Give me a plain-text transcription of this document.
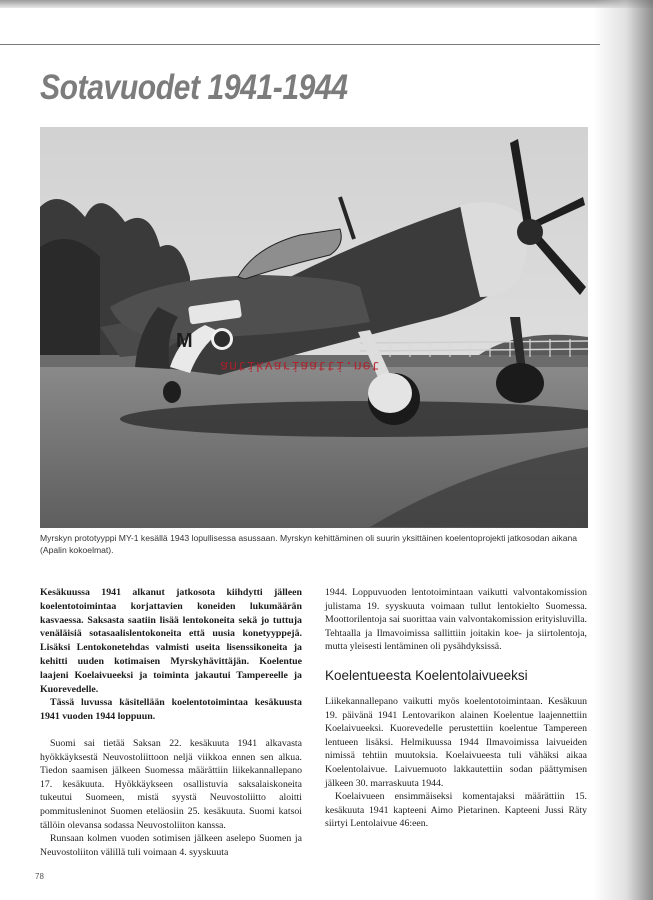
Sotavuodet 1941-1944
M

antikvariaatti.net

Myrskyn prototyyppi MY-1 kesällä 1943 lopullisessa asussaan. Myrskyn kehittäminen oli suurin yksittäinen koelentoprojekti jatkosodan aikana (Apalin kokoelmat).

Kesäkuussa 1941 alkanut jatkosota kiihdytti jälleen koelentotoimintaa korjattavien koneiden lukumäärän kasvaessa. Saksasta saatiin lisää lentokoneita sekä jo tuttuja venäläisiä sotasaalislentokoneita että uusia konetyyppejä. Lisäksi Lentokonetehdas valmisti useita lisenssikoneita ja kehitti uuden kotimaisen Myrskyhävittäjän. Koelentue laajeni Koelaivueeksi ja toiminta jakautui Tampereelle ja Kuorevedelle.

Tässä luvussa käsitellään koelentotoimintaa kesäkuusta 1941 vuoden 1944 loppuun.

Suomi sai tietää Saksan 22. kesäkuuta 1941 alkavasta hyökkäyksestä Neuvostoliittoon neljä viikkoa ennen sen alkua. Tiedon saamisen jälkeen Suomessa määrättiin liikekannallepano 17. kesäkuuta. Hyökkäykseen osallistuvia saksalaiskoneita tukeutui Suomeen, mistä syystä Neuvostoliitto aloitti pommitusleninot Suomen eteläosiin 25. kesäkuuta. Suomi katsoi tällöin olevansa sodassa Neuvostoliiton kanssa.

Runsaan kolmen vuoden sotimisen jälkeen aselepo Suomen ja Neuvostoliiton välillä tuli voimaan 4. syyskuuta

1944. Loppuvuoden lentotoimintaan vaikutti valvontakomission julistama 19. syyskuuta voimaan tullut lentokielto Suomessa. Moottorilentoja sai suorittaa vain valvontakomission erityisluvilla. Tehtaalla ja Ilmavoimissa sallittiin joitakin koe- ja siirtolentoja, mutta yleisesti lentäminen oli pysähdyksissä.

Koelentueesta Koelentolaivueeksi

Liikekannallepano vaikutti myös koelentotoimintaan. Kesäkuun 19. päivänä 1941 Lentovarikon alainen Koelentue laajennettiin Koelaivueeksi. Kuorevedelle perustettiin koelentue Tampereen lentueen lisäksi. Helmikuussa 1944 Ilmavoimissa laivueiden nimissä tehtiin muutoksia. Koelaivueesta tuli vähäksi aikaa Koelentolaivue. Laivuemuoto lakkautettiin sodan päättymisen jälkeen 30. marraskuuta 1944.

Koelaivueen ensimmäiseksi komentajaksi määrättiin 15. kesäkuuta 1941 kapteeni Aimo Pietarinen. Kapteeni Jussi Räty siirtyi Lentolaivue 46:een.

78
